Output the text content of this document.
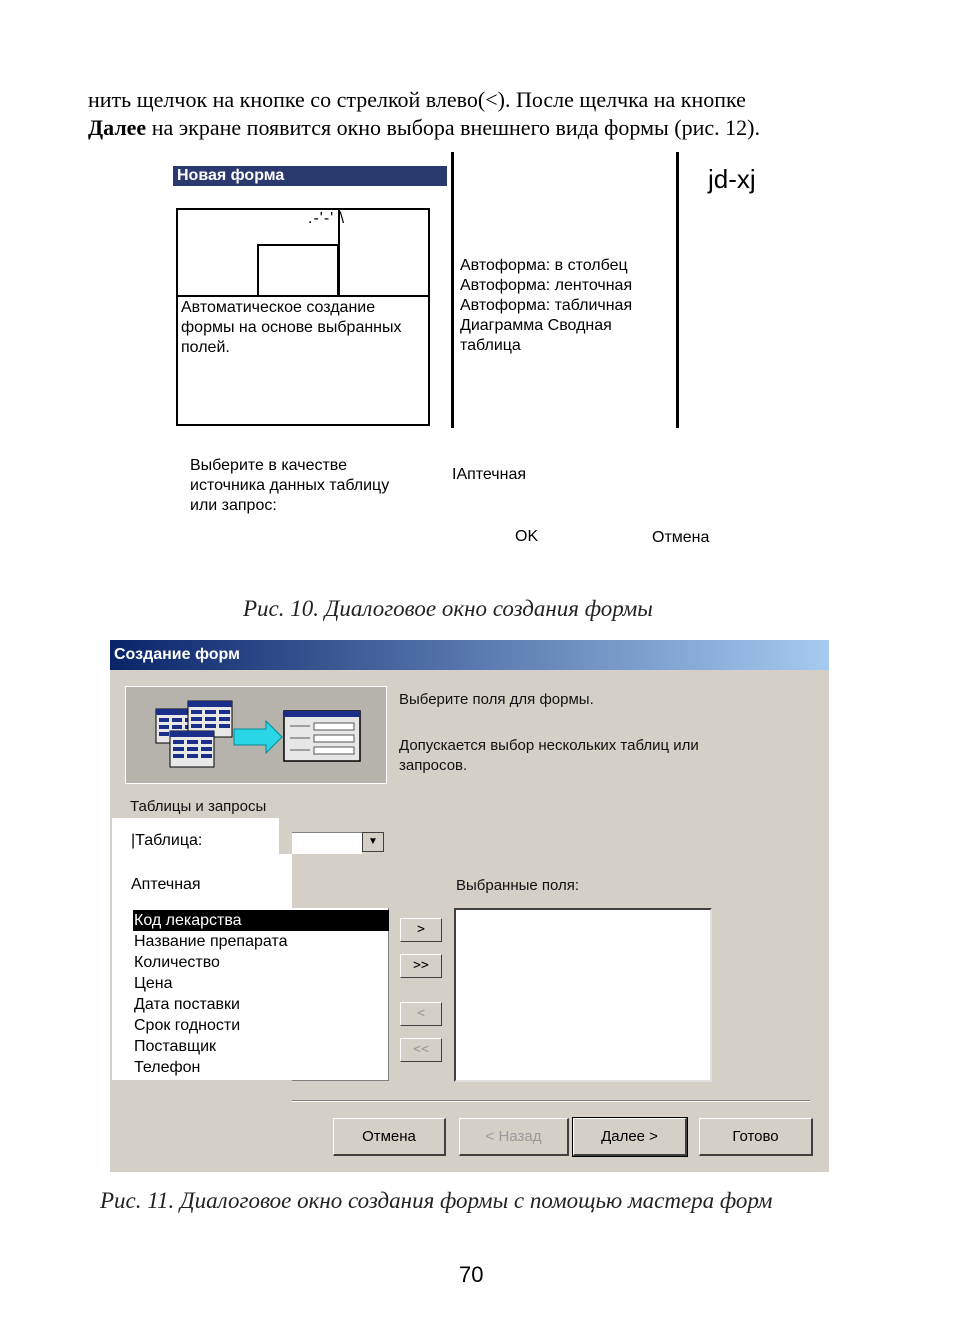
нить щелчок на кнопке со стрелкой влево(<). После щелчка на кнопке
Далее на экране появится окно выбора внешнего вида формы (рис. 12).
Новая форма
.-'-' \
Автоматическое создание формы на основе выбранных полей.
Автоформа: в столбец
Автоформа: ленточная
Автоформа: табличная
Диаграмма Сводная
таблица
jd-xj
Выберите в качестве источника данных таблицу или запрос:
IАптечная
OK	Отмена
Рис. 10. Диалоговое окно создания формы
Создание форм
Выберите поля для формы.
Допускается выбор нескольких таблиц или запросов.
Таблицы и запросы
|Таблица:	▼
Аптечная	Выбранные поля:
Код лекарства
Название препарата
Количество
Цена
Дата поставки
Срок годности
Поставщик
Телефон
>
>>
<
<<
Отмена	< Назад	Далее >	Готово
Рис. 11. Диалоговое окно создания формы с помощью мастера форм
70
